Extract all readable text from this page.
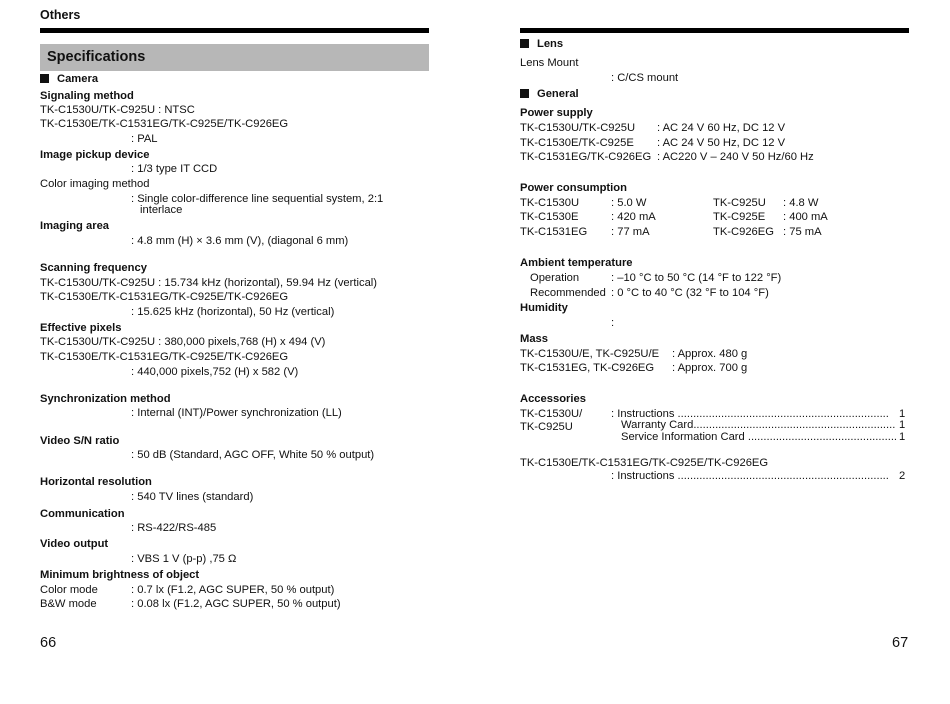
Others
Specifications
Camera
Signaling method
TK-C1530U/TK-C925U : NTSC
TK-C1530E/TK-C1531EG/TK-C925E/TK-C926EG
: PAL
Image pickup device
: 1/3 type IT CCD
Color imaging method
: Single color-difference line sequential system, 2:1
interlace
Imaging area
: 4.8 mm (H) × 3.6 mm (V), (diagonal 6 mm)
Scanning frequency
TK-C1530U/TK-C925U : 15.734 kHz (horizontal), 59.94 Hz (vertical)
TK-C1530E/TK-C1531EG/TK-C925E/TK-C926EG
: 15.625 kHz (horizontal), 50 Hz (vertical)
Effective pixels
TK-C1530U/TK-C925U : 380,000 pixels,768 (H) x 494 (V)
TK-C1530E/TK-C1531EG/TK-C925E/TK-C926EG
: 440,000 pixels,752 (H) x 582 (V)
Synchronization method
: Internal (INT)/Power synchronization (LL)
Video S/N ratio
: 50 dB (Standard, AGC OFF, White 50 % output)
Horizontal resolution
: 540 TV lines (standard)
Communication
: RS-422/RS-485
Video output
: VBS 1 V (p-p) ,75 Ω
Minimum brightness of object
Color mode	: 0.7 lx (F1.2, AGC SUPER, 50 % output)
B&W mode	: 0.08 lx (F1.2, AGC SUPER, 50 % output)
66
Lens
Lens Mount
: C/CS mount
General
Power supply
TK-C1530U/TK-C925U : AC 24 V 60 Hz, DC 12 V
TK-C1530E/TK-C925E : AC 24 V 50 Hz, DC 12 V
TK-C1531EG/TK-C926EG : AC220 V – 240 V 50 Hz/60 Hz
Power consumption
TK-C1530U	: 5.0 W	TK-C925U : 4.8 W
TK-C1530E	: 420 mA	TK-C925E : 400 mA
TK-C1531EG : 77 mA	TK-C926EG : 75 mA
Ambient temperature
Operation	: –10 °C to 50 °C (14 °F to 122 °F)
Recommended : 0 °C to 40 °C (32 °F to 104 °F)
Humidity
:
Mass
TK-C1530U/E, TK-C925U/E : Approx. 480 g
TK-C1531EG, TK-C926EG : Approx. 700 g
Accessories
TK-C1530U/
TK-C925U
: Instructions .................................................................... 1
Warranty Card................................................................. 1
Service Information Card ................................................ 1
TK-C1530E/TK-C1531EG/TK-C925E/TK-C926EG
: Instructions .................................................................... 2
67
